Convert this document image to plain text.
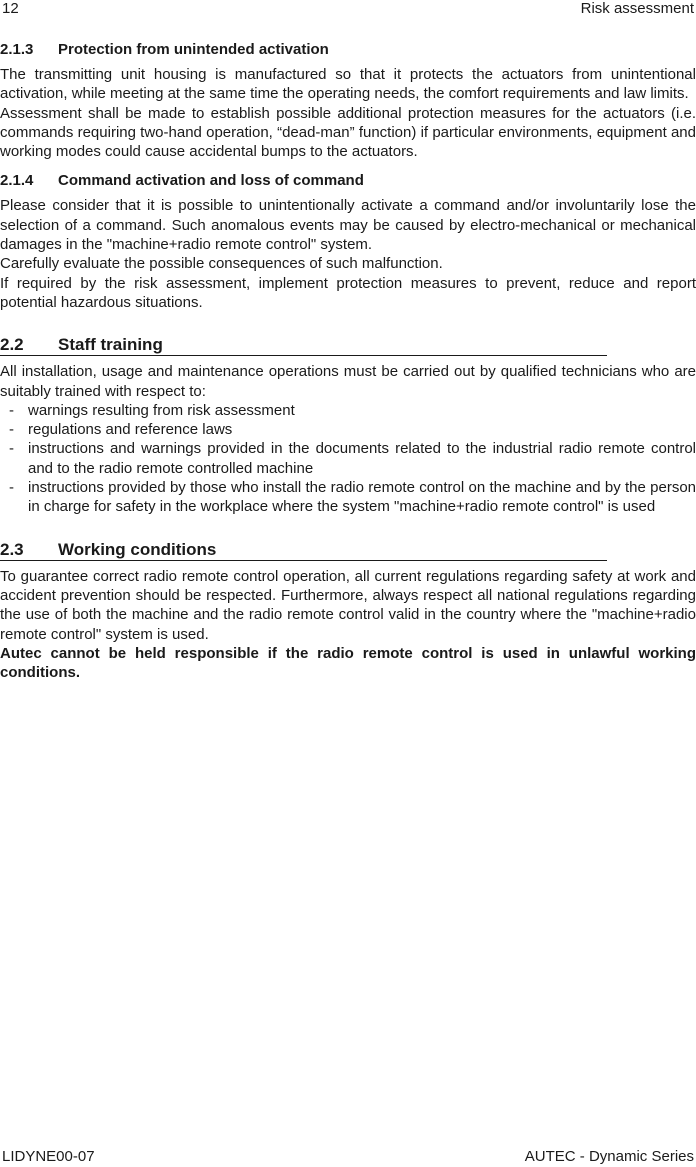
12	Risk assessment
2.1.3	Protection from unintended activation

The transmitting unit housing is manufactured so that it protects the actuators from unintentional activation, while meeting at the same time the operating needs, the comfort requirements and law limits.

Assessment shall be made to establish possible additional protection measures for the actuators (i.e. commands requiring two-hand operation, “dead-man” function) if particular environments, equipment and working modes could cause accidental bumps to the actuators.

2.1.4	Command activation and loss of command

Please consider that it is possible to unintentionally activate a command and/or involuntarily lose the selection of a command. Such anomalous events may be caused by electro-mechanical or mechanical damages in the "machine+radio remote control" system.

Carefully evaluate the possible consequences of such malfunction.

If required by the risk assessment, implement protection measures to prevent, reduce and report potential hazardous situations.

2.2	Staff training

All installation, usage and maintenance operations must be carried out by qualified technicians who are suitably trained with respect to:

- warnings resulting from risk assessment
- regulations and reference laws
- instructions and warnings provided in the documents related to the industrial radio remote control and to the radio remote controlled machine
- instructions provided by those who install the radio remote control on the machine and by the person in charge for safety in the workplace where the system "machine+radio remote control" is used
2.3	Working conditions

To guarantee correct radio remote control operation, all current regulations regarding safety at work and accident prevention should be respected. Furthermore, always respect all national regulations regarding the use of both the machine and the radio remote control valid in the country where the "machine+radio remote control" system is used.

Autec cannot be held responsible if the radio remote control is used in unlawful working conditions.

LIDYNE00-07	AUTEC - Dynamic Series
